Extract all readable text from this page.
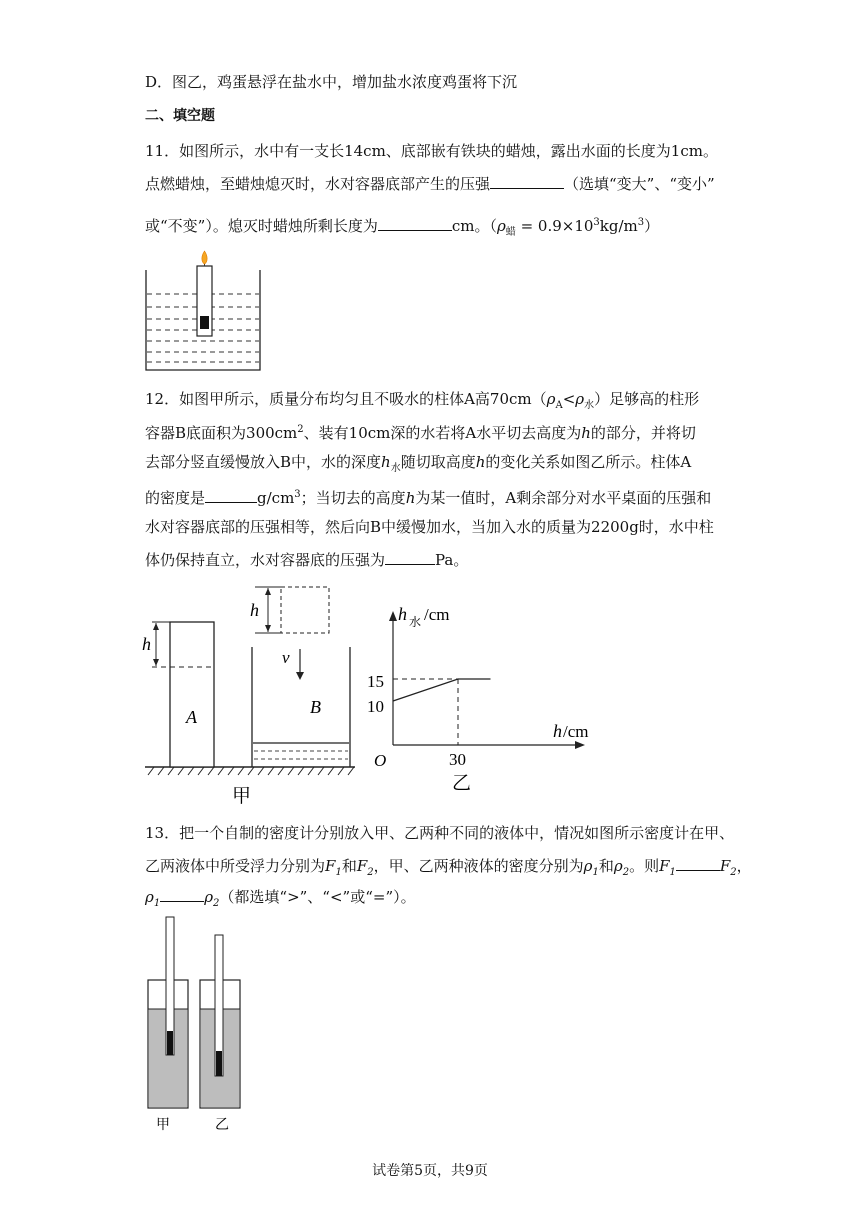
D．图乙，鸡蛋悬浮在盐水中，增加盐水浓度鸡蛋将下沉
二、填空题
11．如图所示，水中有一支长14cm、底部嵌有铁块的蜡烛，露出水面的长度为1cm。
点燃蜡烛，至蜡烛熄灭时，水对容器底部产生的压强	（选填“变大”、“变小”
或“不变”）。熄灭时蜡烛所剩长度为	cm。$(\rho_蜡 = 0.9\times 10^3kg/m^3)$
12．如图甲所示，质量分布均匀且不吸水的柱体A高$70cm(\rho_A<\rho_水)$足够高的柱形
容器B底面积为$300cm^2$、装有10cm深的水若将A水平切去高度为h的部分，并将切
去部分竖直缓慢放入B中，水的深度$h_水$随切取高度h的变化关系如图乙所示。柱体A
的密度是	$g/cm^3$；当切去的高度h为某一值时，A剩余部分对水平桌面的压强和
水对容器底部的压强相等，然后向B中缓慢加水，当加入水的质量为2200g时，水中柱
体仍保持直立，水对容器底的压强为	Pa。
h
A
h
v
B
甲
h 水 /cm
h /cm
O
15
10
30
乙
13．把一个自制的密度计分别放入甲、乙两种不同的液体中，情况如图所示密度计在甲、
乙两液体中所受浮力分别为$F_1$和$F_2$，甲、乙两种液体的密度分别为$\rho_1$和$\rho_2$。则$F_1$	$F_2$，
$\rho_1$	$\rho_2$（都选填“>”、“<”或“=”）。
甲	乙
试卷第5页，共9页
